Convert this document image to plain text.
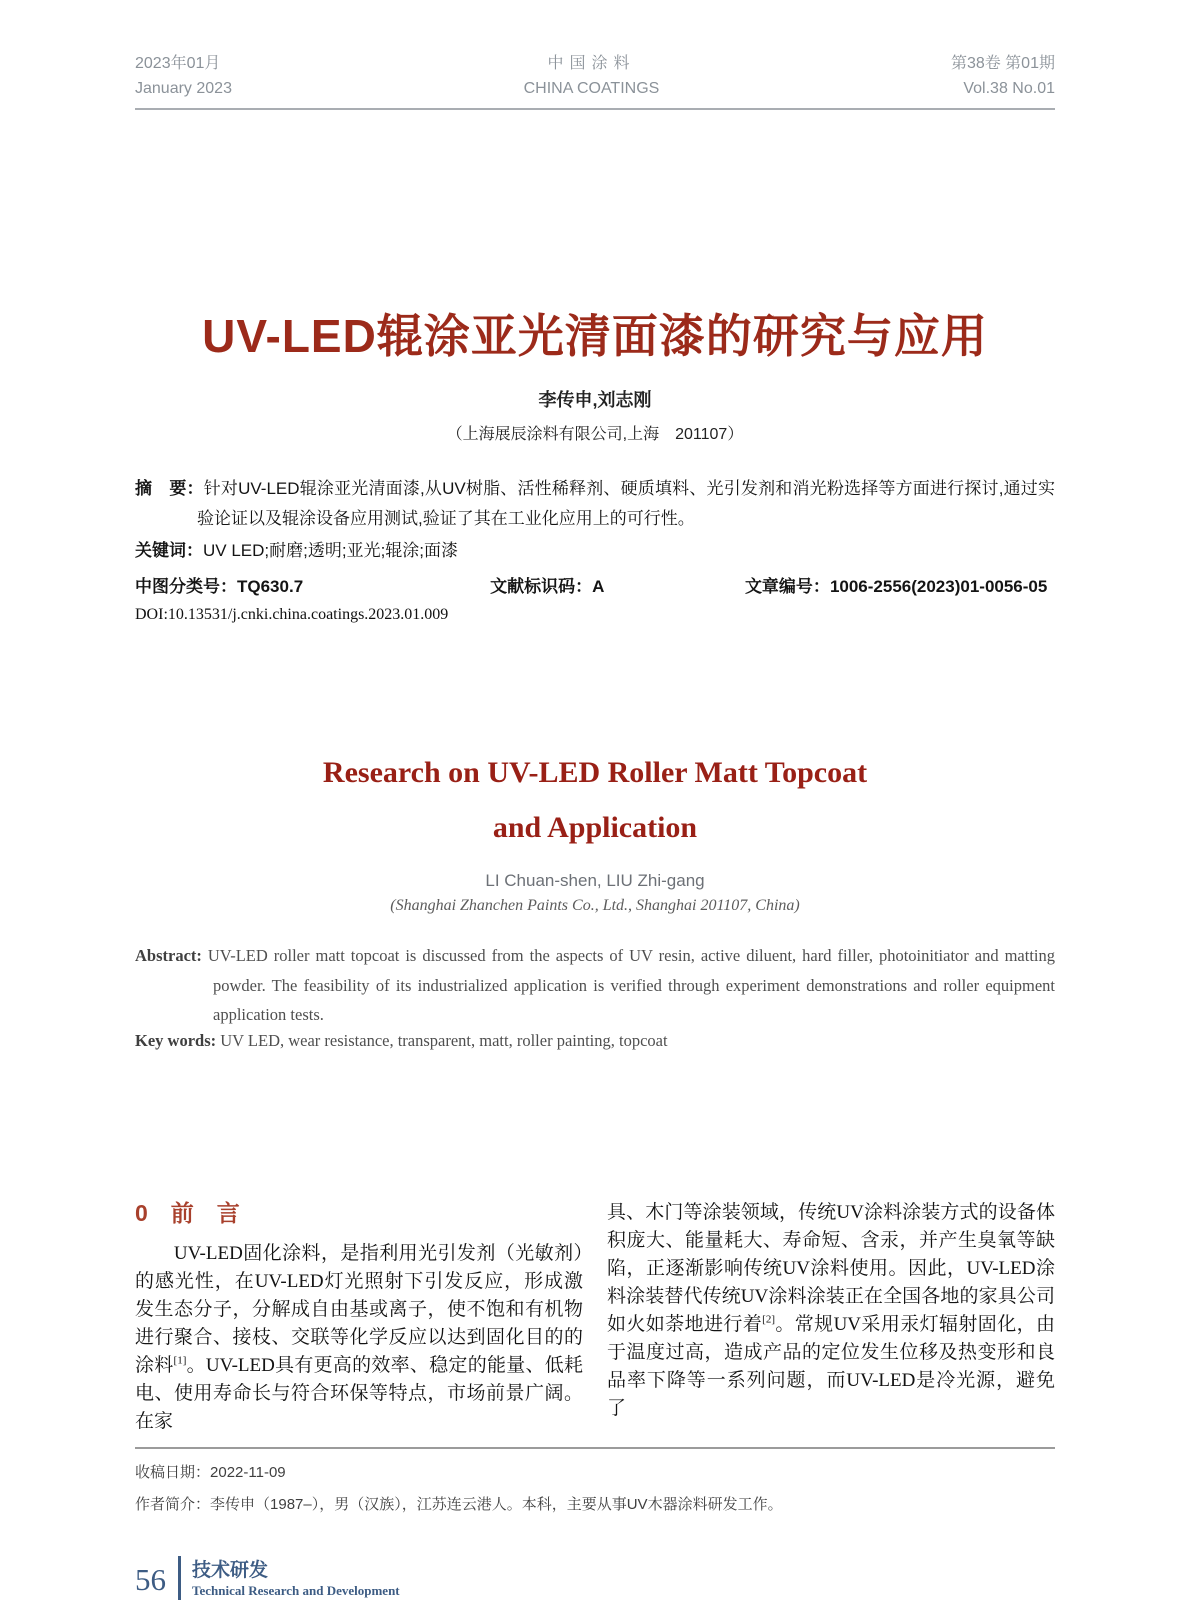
2023年01月
January 2023
中国涂料
CHINA COATINGS
第38卷 第01期
Vol.38 No.01
UV-LED辊涂亚光清面漆的研究与应用
李传申,刘志刚
（上海展辰涂料有限公司,上海　201107）
摘　要：针对UV-LED辊涂亚光清面漆,从UV树脂、活性稀释剂、硬质填料、光引发剂和消光粉选择等方面进行探讨,通过实验论证以及辊涂设备应用测试,验证了其在工业化应用上的可行性。
关键词：UV LED;耐磨;透明;亚光;辊涂;面漆
中图分类号：TQ630.7	文献标识码：A	文章编号：1006-2556(2023)01-0056-05
DOI:10.13531/j.cnki.china.coatings.2023.01.009
Research on UV-LED Roller Matt Topcoat
and Application
LI Chuan-shen, LIU Zhi-gang
(Shanghai Zhanchen Paints Co., Ltd., Shanghai 201107, China)
Abstract: UV-LED roller matt topcoat is discussed from the aspects of UV resin, active diluent, hard filler, photoinitiator and matting powder. The feasibility of its industrialized application is verified through experiment demonstrations and roller equipment application tests.
Key words: UV LED, wear resistance, transparent, matt, roller painting, topcoat
0　前　言
　　UV-LED固化涂料，是指利用光引发剂（光敏剂）的感光性，在UV-LED灯光照射下引发反应，形成激发生态分子，分解成自由基或离子，使不饱和有机物进行聚合、接枝、交联等化学反应以达到固化目的的涂料[1]。UV-LED具有更高的效率、稳定的能量、低耗电、使用寿命长与符合环保等特点，市场前景广阔。在家
具、木门等涂装领域，传统UV涂料涂装方式的设备体积庞大、能量耗大、寿命短、含汞，并产生臭氧等缺陷，正逐渐影响传统UV涂料使用。因此，UV-LED涂料涂装替代传统UV涂料涂装正在全国各地的家具公司如火如荼地进行着[2]。常规UV采用汞灯辐射固化，由于温度过高，造成产品的定位发生位移及热变形和良品率下降等一系列问题，而UV-LED是冷光源，避免了
收稿日期：2022-11-09
作者简介：李传申（1987–），男（汉族），江苏连云港人。本科，主要从事UV木器涂料研发工作。
56 技术研发
Technical Research and Development
